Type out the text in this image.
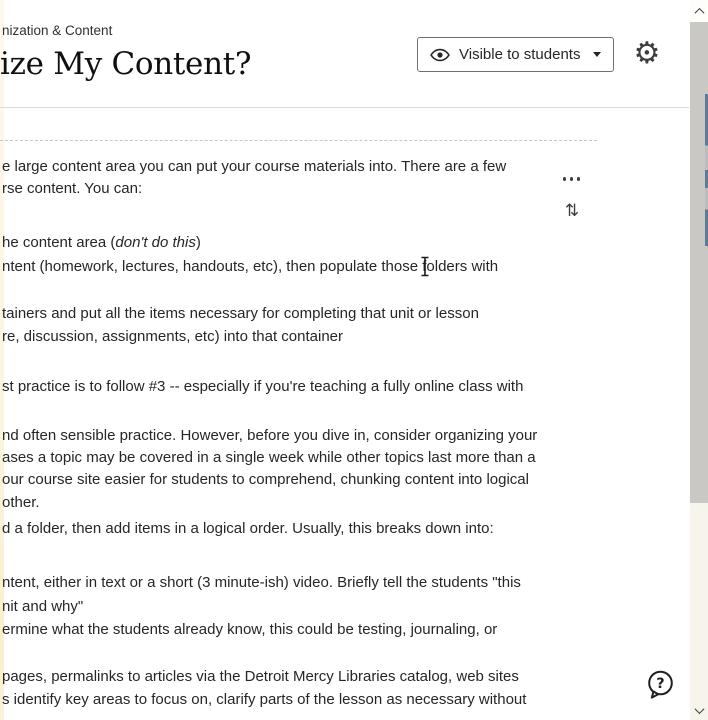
nization & Content
ize My Content?	Visible to students ⚙
⇅
e large content area you can put your course materials into. There are a few
rse content. You can:
he content area (don't do this)
ntent (homework, lectures, handouts, etc), then populate those folders with
tainers and put all the items necessary for completing that unit or lesson
re, discussion, assignments, etc) into that container
st practice is to follow #3 -- especially if you're teaching a fully online class with
nd often sensible practice. However, before you dive in, consider organizing your
ases a topic may be covered in a single week while other topics last more than a
our course site easier for students to comprehend, chunking content into logical
other.
d a folder, then add items in a logical order. Usually, this breaks down into:
ntent, either in text or a short (3 minute-ish) video. Briefly tell the students "this
nit and why"
ermine what the students already know, this could be testing, journaling, or
pages, permalinks to articles via the Detroit Mercy Libraries catalog, web sites
s identify key areas to focus on, clarify parts of the lesson as necessary without
?
